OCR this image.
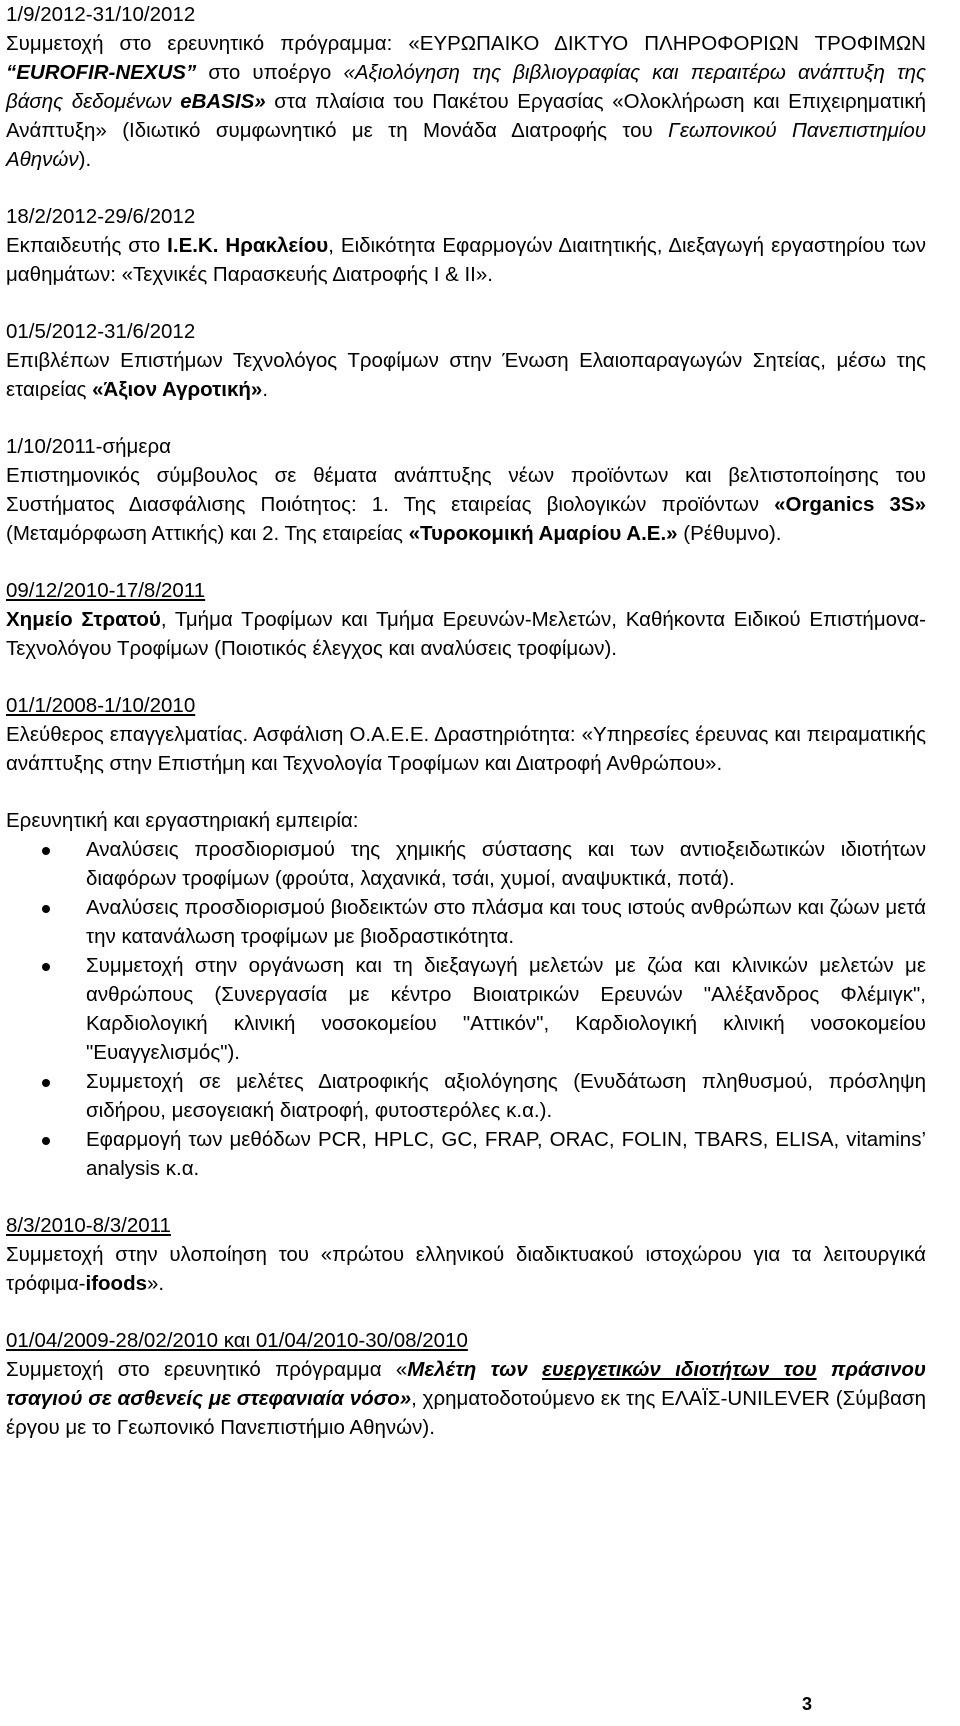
1/9/2012-31/10/2012
Συμμετοχή στο ερευνητικό πρόγραμμα: «ΕΥΡΩΠΑΙΚΟ ΔΙΚΤΥΟ ΠΛΗΡΟΦΟΡΙΩΝ ΤΡΟΦΙΜΩΝ “EUROFIR-NEXUS” στο υποέργο «Αξιολόγηση της βιβλιογραφίας και περαιτέρω ανάπτυξη της βάσης δεδομένων eBASIS» στα πλαίσια του Πακέτου Εργασίας «Ολοκλήρωση και Επιχειρηματική Ανάπτυξη» (Ιδιωτικό συμφωνητικό με τη Μονάδα Διατροφής του Γεωπονικού Πανεπιστημίου Αθηνών).
18/2/2012-29/6/2012
Εκπαιδευτής στο Ι.Ε.Κ. Ηρακλείου, Ειδικότητα Εφαρμογών Διαιτητικής, Διεξαγωγή εργαστηρίου των μαθημάτων: «Τεχνικές Παρασκευής Διατροφής Ι & ΙΙ».
01/5/2012-31/6/2012
Επιβλέπων Επιστήμων Τεχνολόγος Τροφίμων στην Ένωση Ελαιοπαραγωγών Σητείας, μέσω της εταιρείας «Άξιον Αγροτική».
1/10/2011-σήμερα
Επιστημονικός σύμβουλος σε θέματα ανάπτυξης νέων προϊόντων και βελτιστοποίησης του Συστήματος Διασφάλισης Ποιότητος: 1. Της εταιρείας βιολογικών προϊόντων «Organics 3S» (Μεταμόρφωση Αττικής) και 2. Της εταιρείας «Τυροκομική Αμαρίου Α.Ε.» (Ρέθυμνο).
09/12/2010-17/8/2011
Χημείο Στρατού, Τμήμα Τροφίμων και Τμήμα Ερευνών-Μελετών, Καθήκοντα Ειδικού Επιστήμονα-Τεχνολόγου Τροφίμων (Ποιοτικός έλεγχος και αναλύσεις τροφίμων).
01/1/2008-1/10/2010
Ελεύθερος επαγγελματίας. Ασφάλιση Ο.Α.Ε.Ε. Δραστηριότητα: «Υπηρεσίες έρευνας και πειραματικής ανάπτυξης στην Επιστήμη και Τεχνολογία Τροφίμων και Διατροφή Ανθρώπου».
Ερευνητική και εργαστηριακή εμπειρία:
Αναλύσεις προσδιορισμού της χημικής σύστασης και των αντιοξειδωτικών ιδιοτήτων διαφόρων τροφίμων (φρούτα, λαχανικά, τσάι, χυμοί, αναψυκτικά, ποτά).
Αναλύσεις προσδιορισμού βιοδεικτών στο πλάσμα και τους ιστούς ανθρώπων και ζώων μετά την κατανάλωση τροφίμων με βιοδραστικότητα.
Συμμετοχή στην οργάνωση και τη διεξαγωγή μελετών με ζώα και κλινικών μελετών με ανθρώπους (Συνεργασία με κέντρο Βιοιατρικών Ερευνών "Αλέξανδρος Φλέμιγκ", Καρδιολογική κλινική νοσοκομείου "Αττικόν", Καρδιολογική κλινική νοσοκομείου "Ευαγγελισμός").
Συμμετοχή σε μελέτες Διατροφικής αξιολόγησης (Ενυδάτωση πληθυσμού, πρόσληψη σιδήρου, μεσογειακή διατροφή, φυτοστερόλες κ.α.).
Εφαρμογή των μεθόδων PCR, HPLC, GC, FRAP, ORAC, FOLIN, TBARS, ELISA, vitamins’ analysis κ.α.
8/3/2010-8/3/2011
Συμμετοχή στην υλοποίηση του «πρώτου ελληνικού διαδικτυακού ιστοχώρου για τα λειτουργικά τρόφιμα-ifoods».
01/04/2009-28/02/2010 και 01/04/2010-30/08/2010
Συμμετοχή στο ερευνητικό πρόγραμμα «Μελέτη των ευεργετικών ιδιοτήτων του πράσινου τσαγιού σε ασθενείς με στεφανιαία νόσο», χρηματοδοτούμενο εκ της ΕΛΑΪΣ-UNILEVER (Σύμβαση έργου με το Γεωπονικό Πανεπιστήμιο Αθηνών).
3
